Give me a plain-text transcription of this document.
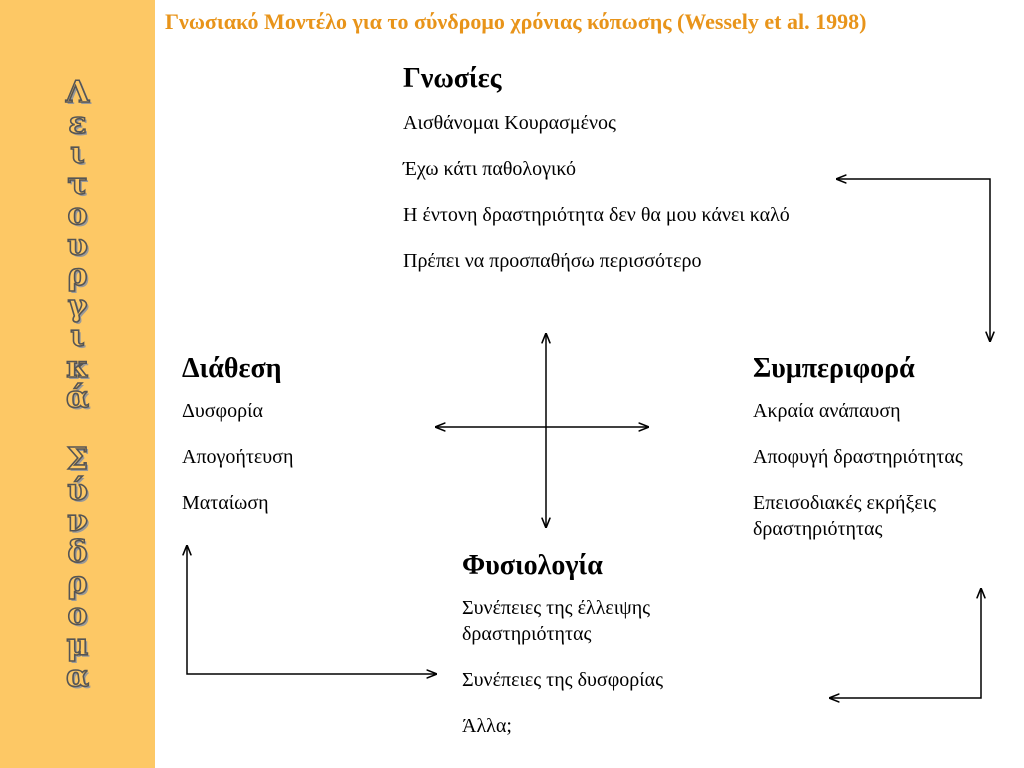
Λ
ε
ι
τ
ο
υ
ρ
γ
ι
κ
ά
Σ
ύ
ν
δ
ρ
ο
μ
α
Γνωσιακό Μοντέλο για το σύνδρομο χρόνιας κόπωσης (Wessely et al. 1998)

Γνωσίες

Αισθάνομαι Κουρασμένος

Έχω κάτι παθολογικό

Η έντονη δραστηριότητα δεν θα μου κάνει καλό

Πρέπει να προσπαθήσω περισσότερο

Διάθεση

Δυσφορία

Απογοήτευση

Ματαίωση

Συμπεριφορά

Ακραία ανάπαυση

Αποφυγή δραστηριότητας

Επεισοδιακές εκρήξεις δραστηριότητας

Φυσιολογία

Συνέπειες της έλλειψης δραστηριότητας

Συνέπειες της δυσφορίας

Άλλα;
